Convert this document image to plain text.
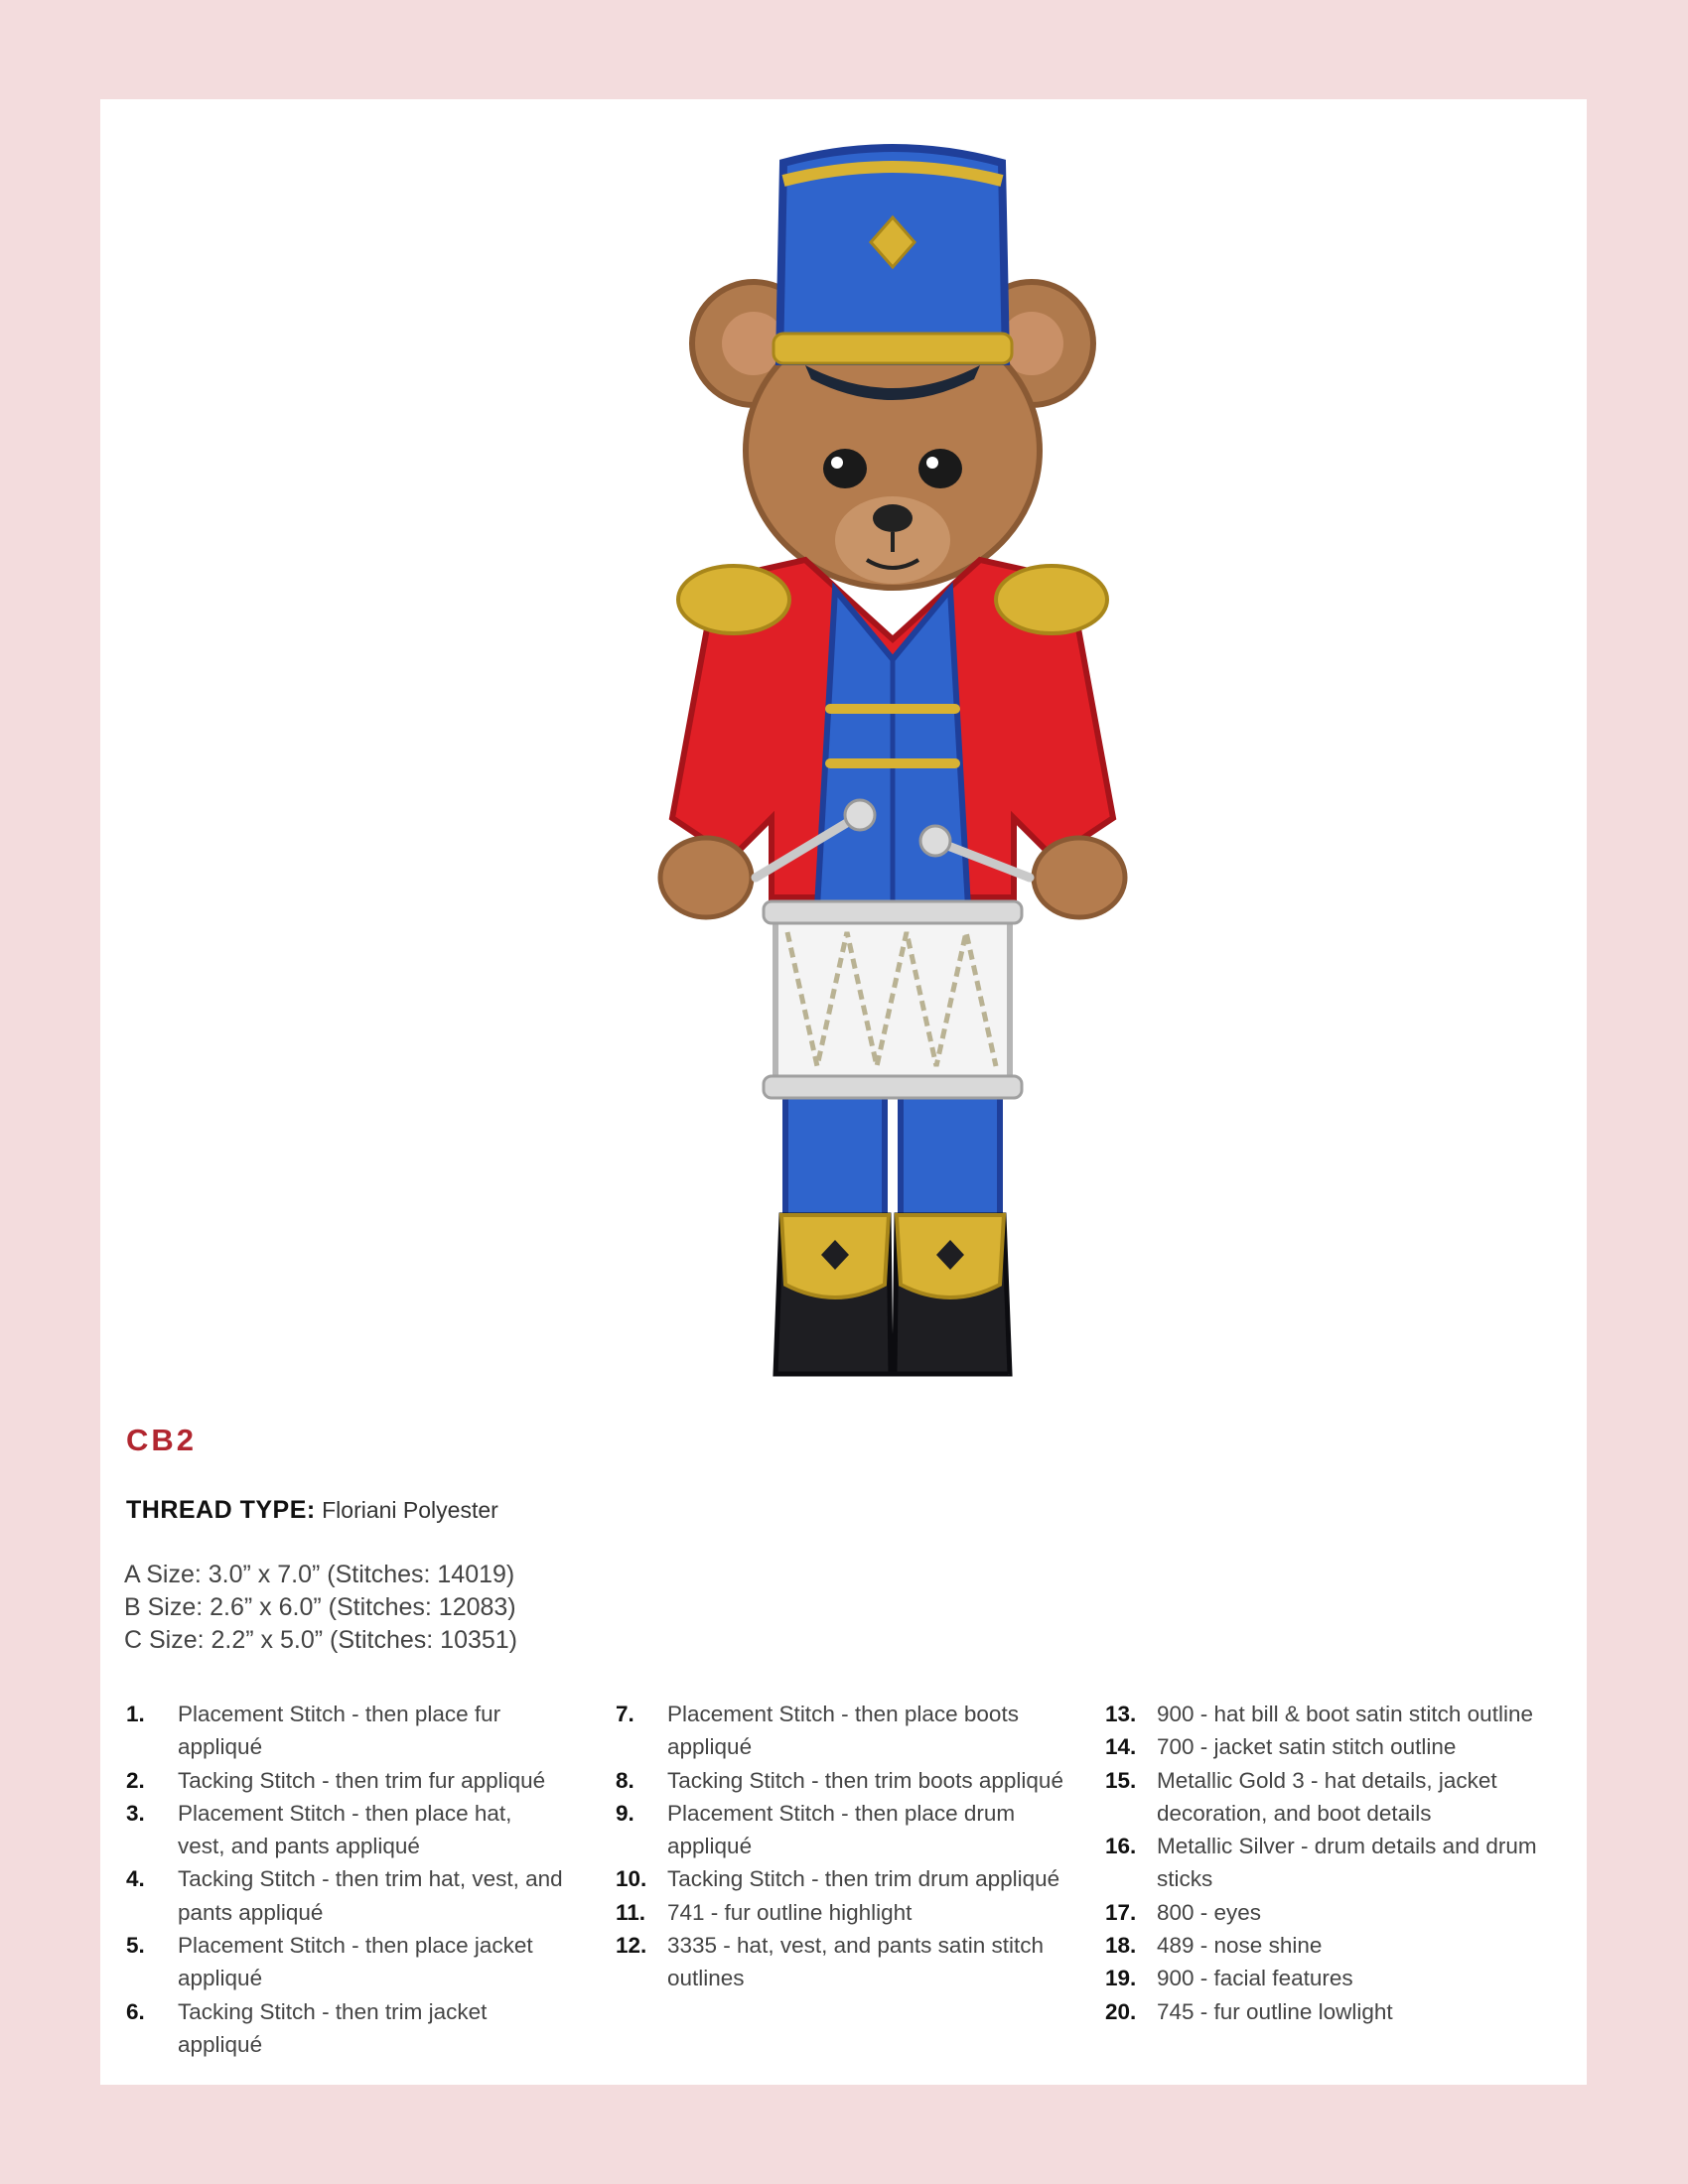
CB2
THREAD TYPE: Floriani Polyester
A Size: 3.0” x 7.0” (Stitches: 14019)
B Size: 2.6” x 6.0” (Stitches: 12083)
C Size: 2.2” x 5.0” (Stitches: 10351)
1.	Placement Stitch - then place fur appliqué
2.	Tacking Stitch - then trim fur appliqué
3.	Placement Stitch - then place hat, vest, and pants appliqué
4.	Tacking Stitch - then trim hat, vest, and pants appliqué
5.	Placement Stitch - then place jacket appliqué
6.	Tacking Stitch - then trim jacket appliqué
7.	Placement Stitch - then place boots appliqué
8.	Tacking Stitch - then trim boots appliqué
9.	Placement Stitch - then place drum appliqué
10. Tacking Stitch - then trim drum appliqué
11. 741 - fur outline highlight
12. 3335 - hat, vest, and pants satin stitch outlines
13. 900 - hat bill & boot satin stitch outline
14. 700 - jacket satin stitch outline
15. Metallic Gold 3 - hat details, jacket decoration, and boot details
16. Metallic Silver - drum details and drum sticks
17. 800 - eyes
18. 489 - nose shine
19. 900 - facial features
20. 745 - fur outline lowlight
